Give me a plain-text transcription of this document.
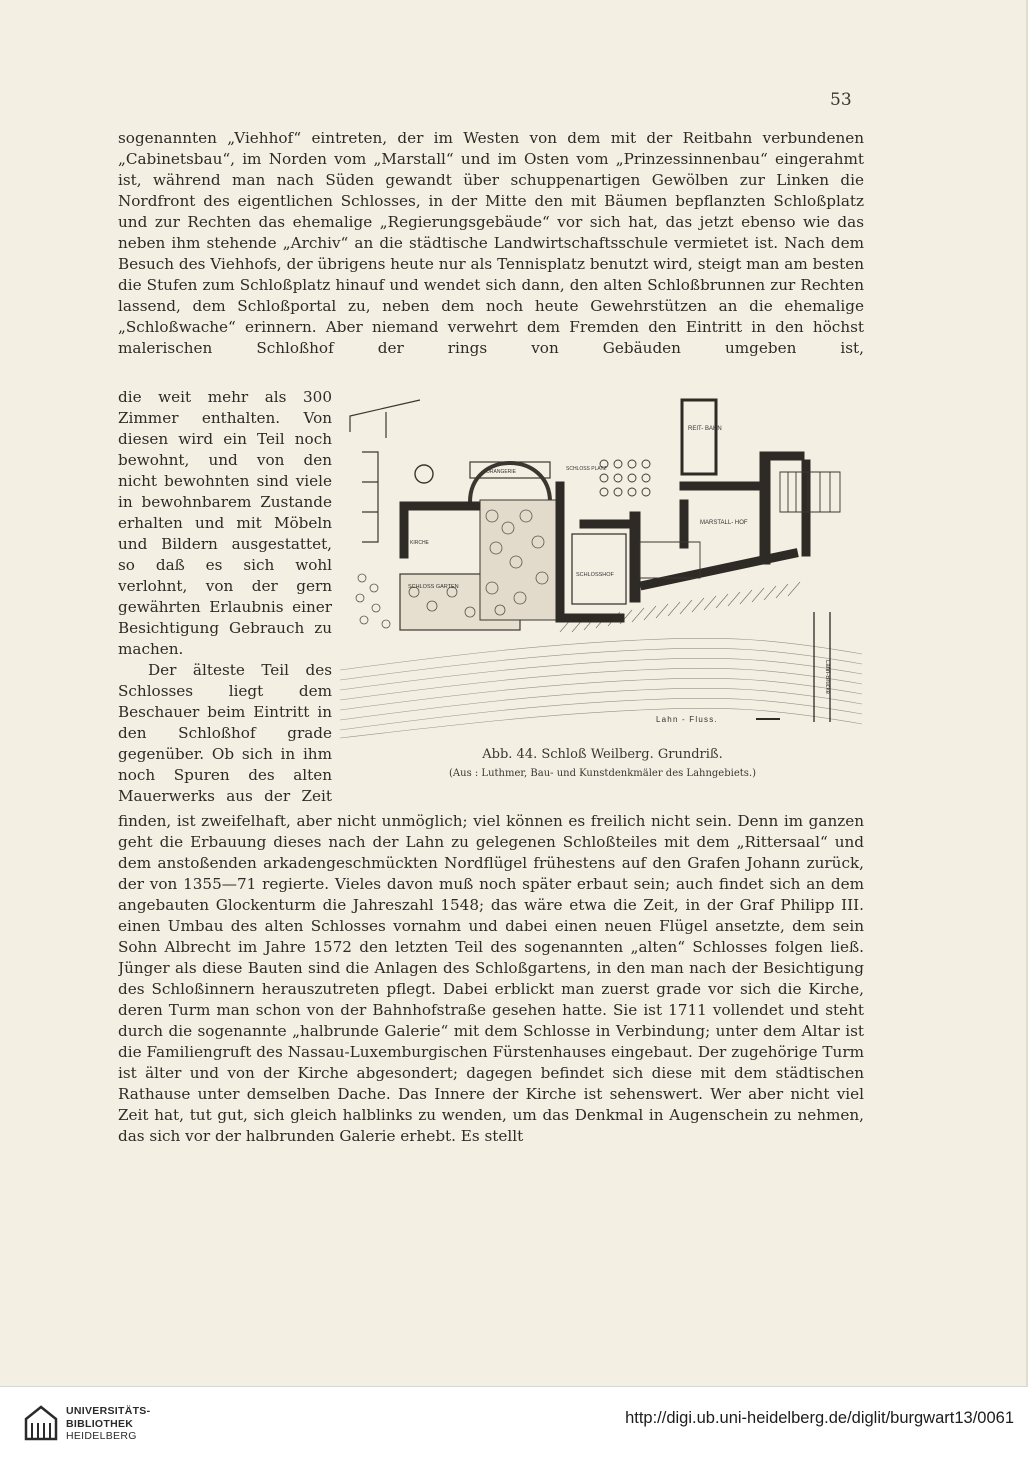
53

sogenannten „Viehhof“ eintreten, der im Westen von dem mit der Reitbahn verbundenen „Cabinetsbau“, im Norden vom „Marstall“ und im Osten vom „Prinzessinnenbau“ eingerahmt ist, während man nach Süden gewandt über schuppenartigen Gewölben zur Linken die Nordfront des eigentlichen Schlosses, in der Mitte den mit Bäumen bepflanzten Schloßplatz und zur Rechten das ehemalige „Regierungsgebäude“ vor sich hat, das jetzt ebenso wie das neben ihm stehende „Archiv“ an die städtische Landwirtschaftsschule vermietet ist. Nach dem Besuch des Viehhofs, der übrigens heute nur als Tennisplatz benutzt wird, steigt man am besten die Stufen zum Schloßplatz hinauf und wendet sich dann, den alten Schloßbrunnen zur Rechten lassend, dem Schloßportal zu, neben dem noch heute Gewehrstützen an die ehemalige „Schloßwache“ erinnern. Aber niemand verwehrt dem Fremden den Eintritt in den höchst malerischen Schloßhof der rings von Gebäuden umgeben ist,

die weit mehr als 300 Zimmer enthalten. Von diesen wird ein Teil noch bewohnt, und von den nicht bewohnten sind viele in bewohnbarem Zustande erhalten und mit Möbeln und Bildern ausgestattet, so daß es sich wohl verlohnt, von der gern gewährten Erlaubnis einer Besichtigung Gebrauch zu machen.

Der älteste Teil des Schlosses liegt dem Beschauer beim Eintritt in den Schloßhof grade gegenüber. Ob sich in ihm noch Spuren des alten Mauerwerks aus der Zeit

REIT- BAHN
MARSTALL- HOF
SCHLOSS PLATZ
ORANGERIE
SCHLOSSHOF
SCHLOSS GARTEN
KIRCHE
Lahn - Fluss.
Lahn-Brücke
Abb. 44. Schloß Weilberg. Grundriß.
(Aus : Luthmer, Bau- und Kunstdenkmäler des Lahngebiets.)

finden, ist zweifelhaft, aber nicht unmöglich; viel können es freilich nicht sein. Denn im ganzen geht die Erbauung dieses nach der Lahn zu gelegenen Schloßteiles mit dem „Rittersaal“ und dem anstoßenden arkadengeschmückten Nordflügel frühestens auf den Grafen Johann zurück, der von 1355—71 regierte. Vieles davon muß noch später erbaut sein; auch findet sich an dem angebauten Glockenturm die Jahreszahl 1548; das wäre etwa die Zeit, in der Graf Philipp III. einen Umbau des alten Schlosses vornahm und dabei einen neuen Flügel ansetzte, dem sein Sohn Albrecht im Jahre 1572 den letzten Teil des sogenannten „alten“ Schlosses folgen ließ. Jünger als diese Bauten sind die Anlagen des Schloßgartens, in den man nach der Besichtigung des Schloßinnern herauszutreten pflegt. Dabei erblickt man zuerst grade vor sich die Kirche, deren Turm man schon von der Bahnhofstraße gesehen hatte. Sie ist 1711 vollendet und steht durch die sogenannte „halbrunde Galerie“ mit dem Schlosse in Verbindung; unter dem Altar ist die Familiengruft des Nassau-Luxemburgischen Fürstenhauses eingebaut. Der zugehörige Turm ist älter und von der Kirche abgesondert; dagegen befindet sich diese mit dem städtischen Rathause unter demselben Dache. Das Innere der Kirche ist sehenswert. Wer aber nicht viel Zeit hat, tut gut, sich gleich halblinks zu wenden, um das Denkmal in Augenschein zu nehmen, das sich vor der halbrunden Galerie erhebt. Es stellt

UNIVERSITÄTS-
BIBLIOTHEK
HEIDELBERG
http://digi.ub.uni-heidelberg.de/diglit/burgwart13/0061
